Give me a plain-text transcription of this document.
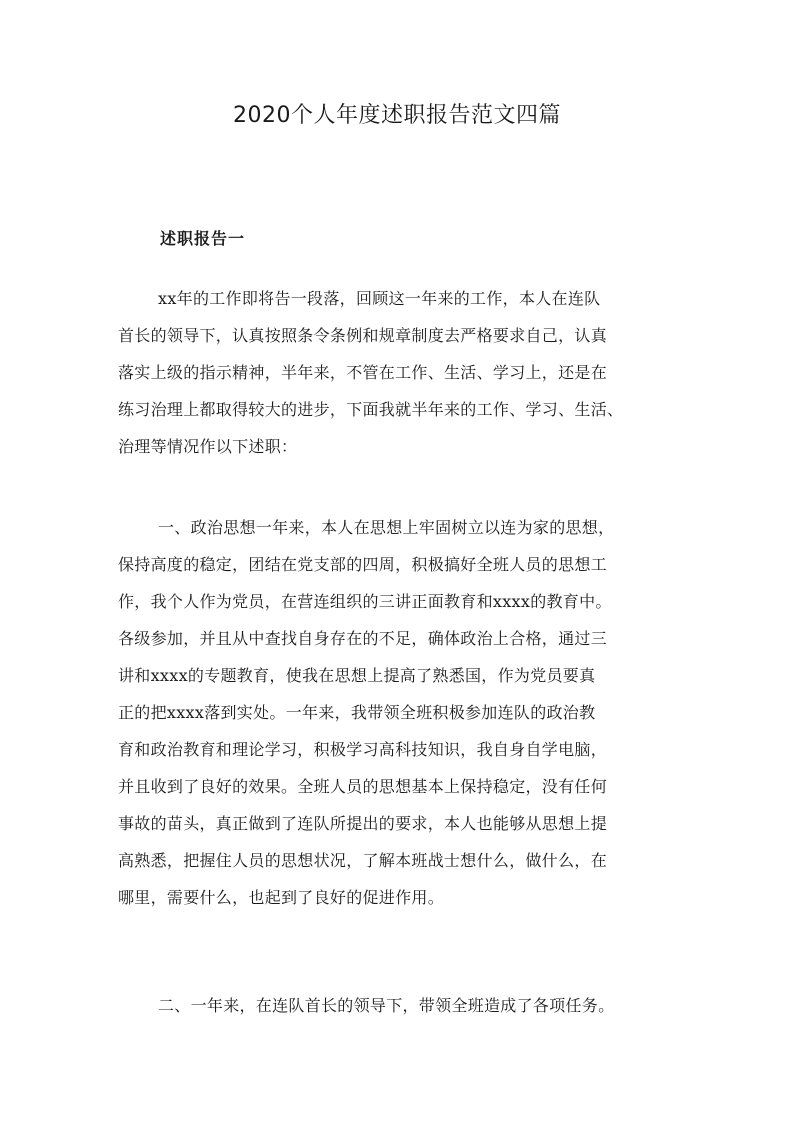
2020个人年度述职报告范文四篇
述职报告一
xx年的工作即将告一段落，回顾这一年来的工作，本人在连队
首长的领导下，认真按照条令条例和规章制度去严格要求自己，认真
落实上级的指示精神，半年来，不管在工作、生活、学习上，还是在
练习治理上都取得较大的进步，下面我就半年来的工作、学习、生活、
治理等情况作以下述职：
一、政治思想一年来，本人在思想上牢固树立以连为家的思想，
保持高度的稳定，团结在党支部的四周，积极搞好全班人员的思想工
作，我个人作为党员，在营连组织的三讲正面教育和xxxx的教育中。
各级参加，并且从中查找自身存在的不足，确体政治上合格，通过三
讲和xxxx的专题教育，使我在思想上提高了熟悉国，作为党员要真
正的把xxxx落到实处。一年来，我带领全班积极参加连队的政治教
育和政治教育和理论学习，积极学习高科技知识，我自身自学电脑，
并且收到了良好的效果。全班人员的思想基本上保持稳定，没有任何
事故的苗头，真正做到了连队所提出的要求，本人也能够从思想上提
高熟悉，把握住人员的思想状况，了解本班战士想什么，做什么，在
哪里，需要什么，也起到了良好的促进作用。
二、一年来，在连队首长的领导下，带领全班造成了各项任务。
